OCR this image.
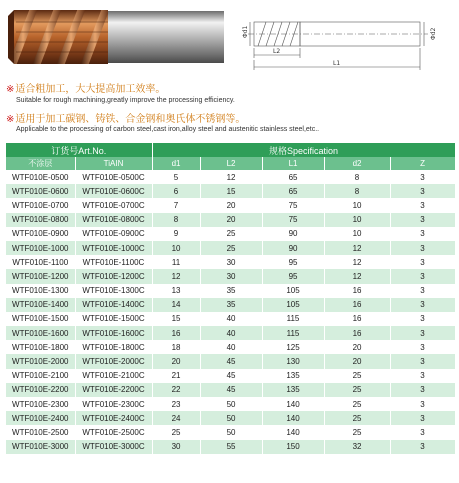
Φd1	Φd2
L2
L1
※适合粗加工，大大提高加工效率。
Suitable for rough machining,greatly improve the processing efficiency.
※适用于加工碳钢、铸铁、合金钢和奥氏体不锈钢等。
Applicable to the processing of carbon steel,cast iron,alloy steel and austenitic stainless steel,etc..
订货号Art.No.		规格Specification				
不涂层	TiAIN	d1	L2	L1	d2	Z
WTF010E-0500	WTF010E-0500C	5	12	65	8	3
WTF010E-0600	WTF010E-0600C	6	15	65	8	3
WTF010E-0700	WTF010E-0700C	7	20	75	10	3
WTF010E-0800	WTF010E-0800C	8	20	75	10	3
WTF010E-0900	WTF010E-0900C	9	25	90	10	3
WTF010E-1000	WTF010E-1000C	10	25	90	12	3
WTF010E-1100	WTF010E-1100C	11	30	95	12	3
WTF010E-1200	WTF010E-1200C	12	30	95	12	3
WTF010E-1300	WTF010E-1300C	13	35	105	16	3
WTF010E-1400	WTF010E-1400C	14	35	105	16	3
WTF010E-1500	WTF010E-1500C	15	40	115	16	3
WTF010E-1600	WTF010E-1600C	16	40	115	16	3
WTF010E-1800	WTF010E-1800C	18	40	125	20	3
WTF010E-2000	WTF010E-2000C	20	45	130	20	3
WTF010E-2100	WTF010E-2100C	21	45	135	25	3
WTF010E-2200	WTF010E-2200C	22	45	135	25	3
WTF010E-2300	WTF010E-2300C	23	50	140	25	3
WTF010E-2400	WTF010E-2400C	24	50	140	25	3
WTF010E-2500	WTF010E-2500C	25	50	140	25	3
WTF010E-3000	WTF010E-3000C	30	55	150	32	3
